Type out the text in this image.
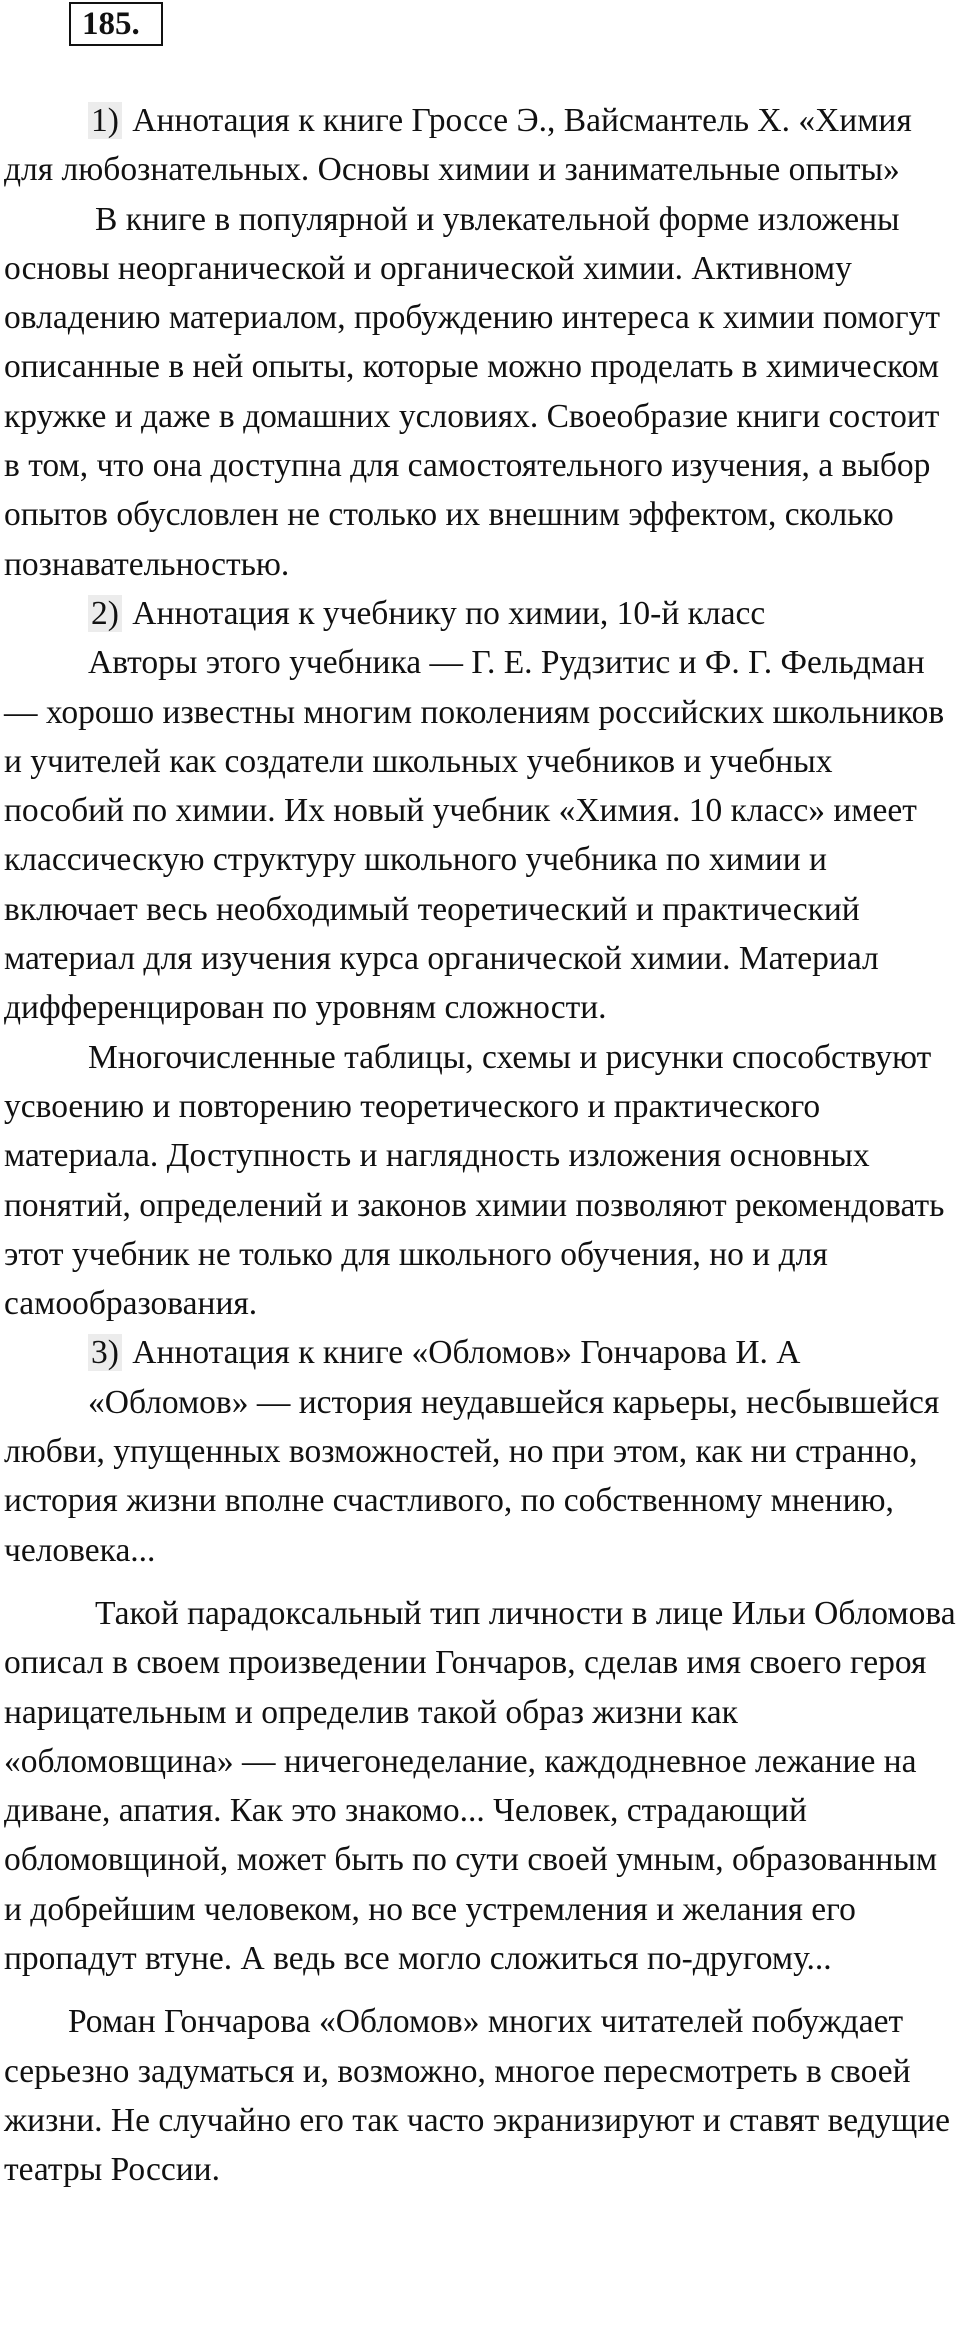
185.

1) Аннотация к книге Гроссе Э., Вайсмантель Х. «Химия для любознательных. Основы химии и занимательные опыты»

В книге в популярной и увлекательной форме изложены основы неорганической и органической химии. Активному овладению материалом, пробуждению интереса к химии помогут описанные в ней опыты, которые можно проделать в химическом кружке и даже в домашних условиях. Своеобразие книги состоит в том, что она доступна для самостоятельного изучения, а выбор опытов обусловлен не столько их внешним эффектом, сколько познавательностью.

2) Аннотация к учебнику по химии, 10-й класс

Авторы этого учебника — Г. Е. Рудзитис и Ф. Г. Фельдман — хорошо известны многим поколениям российских школьников и учителей как создатели школьных учебников и учебных пособий по химии. Их новый учебник «Химия. 10 класс» имеет классическую структуру школьного учебника по химии и включает весь необходимый теоретический и практический материал для изучения курса органической химии. Материал дифференцирован по уровням сложности.

Многочисленные таблицы, схемы и рисунки способствуют усвоению и повторению теоретического и практического материала. Доступность и наглядность изложения основных понятий, определений и законов химии позволяют рекомендовать этот учебник не только для школьного обучения, но и для самообразования.

3) Аннотация к книге «Обломов» Гончарова И. А

«Обломов» — история неудавшейся карьеры, несбывшейся любви, упущенных возможностей, но при этом, как ни странно, история жизни вполне счастливого, по собственному мнению, человека...

Такой парадоксальный тип личности в лице Ильи Обломова описал в своем произведении Гончаров, сделав имя своего героя нарицательным и определив такой образ жизни как «обломовщина» — ничегонеделание, каждодневное лежание на диване, апатия. Как это знакомо... Человек, страдающий обломовщиной, может быть по сути своей умным, образованным и добрейшим человеком, но все устремления и желания его пропадут втуне. А ведь все могло сложиться по-другому...

Роман Гончарова «Обломов» многих читателей побуждает серьезно задуматься и, возможно, многое пересмотреть в своей жизни. Не случайно его так часто экранизируют и ставят ведущие театры России.
